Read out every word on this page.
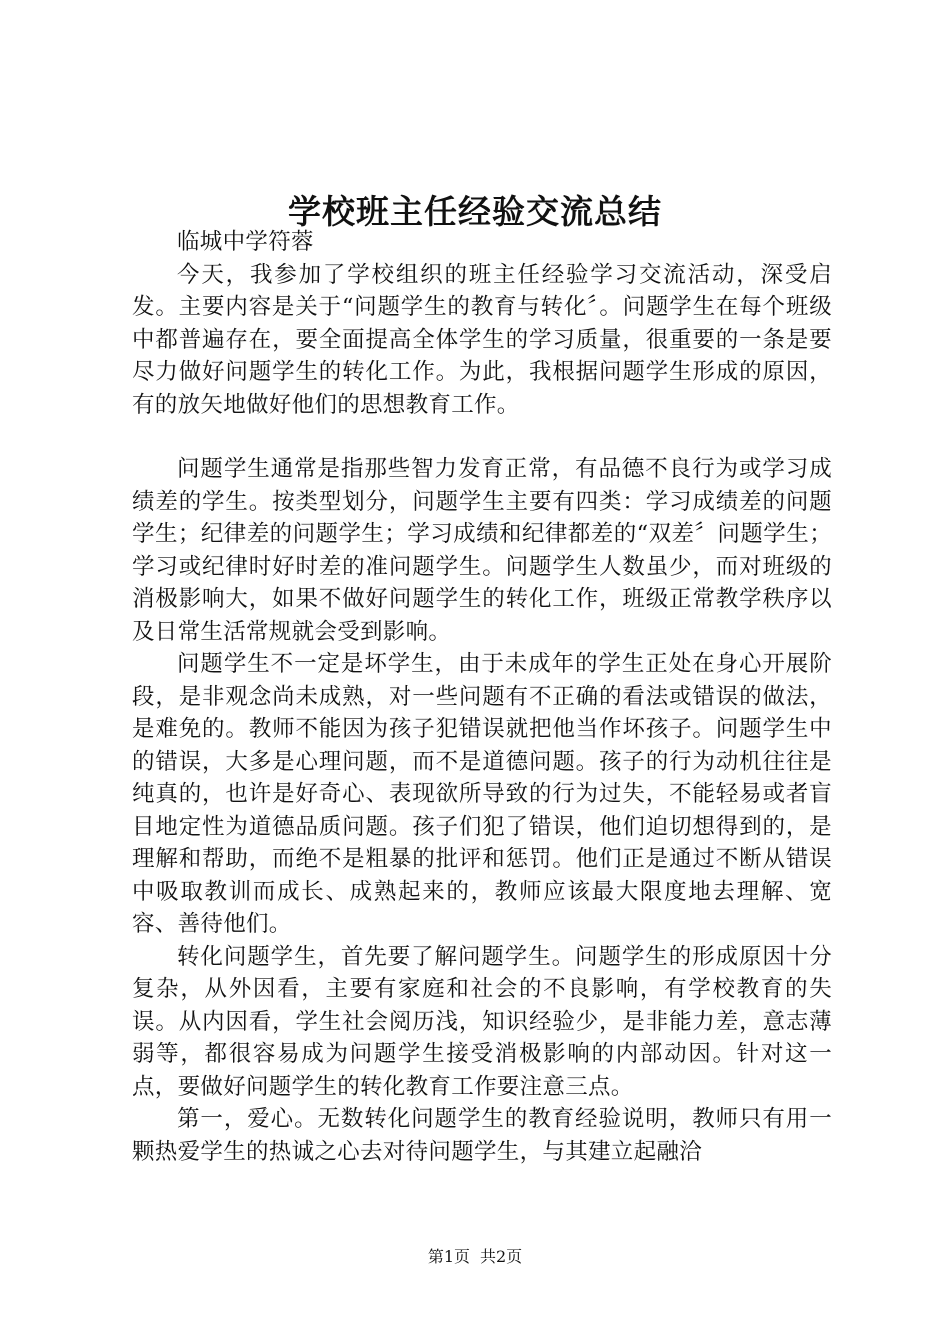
学校班主任经验交流总结

临城中学符蓉

今天，我参加了学校组织的班主任经验学习交流活动，深受启发。主要内容是关于“问题学生的教育与转化〞。问题学生在每个班级中都普遍存在，要全面提高全体学生的学习质量，很重要的一条是要尽力做好问题学生的转化工作。为此，我根据问题学生形成的原因，有的放矢地做好他们的思想教育工作。

问题学生通常是指那些智力发育正常，有品德不良行为或学习成绩差的学生。按类型划分，问题学生主要有四类：学习成绩差的问题学生；纪律差的问题学生；学习成绩和纪律都差的“双差〞问题学生；学习或纪律时好时差的准问题学生。问题学生人数虽少，而对班级的消极影响大，如果不做好问题学生的转化工作，班级正常教学秩序以及日常生活常规就会受到影响。

问题学生不一定是坏学生，由于未成年的学生正处在身心开展阶段，是非观念尚未成熟，对一些问题有不正确的看法或错误的做法，是难免的。教师不能因为孩子犯错误就把他当作坏孩子。问题学生中的错误，大多是心理问题，而不是道德问题。孩子的行为动机往往是纯真的，也许是好奇心、表现欲所导致的行为过失，不能轻易或者盲目地定性为道德品质问题。孩子们犯了错误，他们迫切想得到的，是理解和帮助，而绝不是粗暴的批评和惩罚。他们正是通过不断从错误中吸取教训而成长、成熟起来的，教师应该最大限度地去理解、宽容、善待他们。

转化问题学生，首先要了解问题学生。问题学生的形成原因十分复杂，从外因看，主要有家庭和社会的不良影响，有学校教育的失误。从内因看，学生社会阅历浅，知识经验少，是非能力差，意志薄弱等，都很容易成为问题学生接受消极影响的内部动因。针对这一点，要做好问题学生的转化教育工作要注意三点。

第一，爱心。无数转化问题学生的教育经验说明，教师只有用一颗热爱学生的热诚之心去对待问题学生，与其建立起融洽

第1页 共2页
